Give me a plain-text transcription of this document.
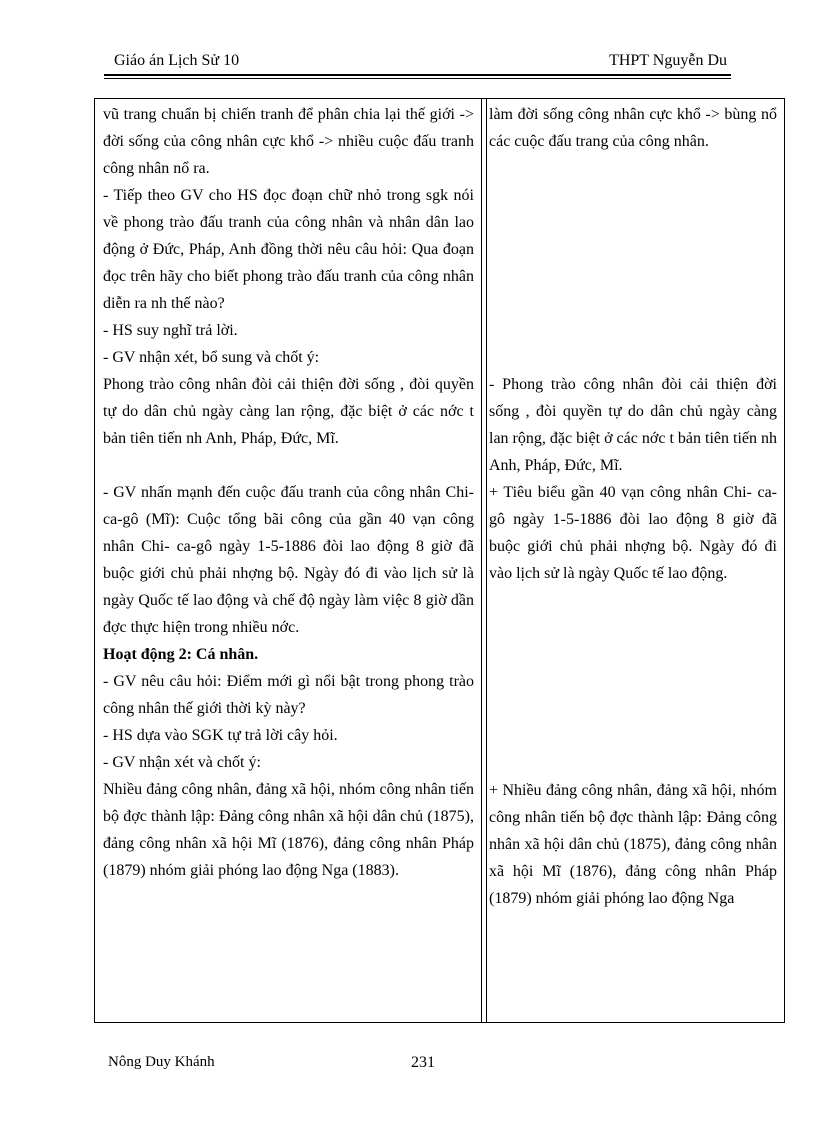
Giáo án Lịch Sử 10	THPT Nguyễn Du

vũ trang chuẩn bị chiến tranh để phân chia lại thế giới -> đời sống của công nhân cực khổ -> nhiều cuộc đấu tranh công nhân nổ ra.

- Tiếp theo GV cho HS đọc đoạn chữ nhỏ trong sgk nói về phong trào đấu tranh của công nhân và nhân dân lao động ở Đức, Pháp, Anh đồng thời nêu câu hỏi: Qua đoạn đọc trên hãy cho biết phong trào đấu tranh của công nhân diễn ra nh thế nào?

- HS suy nghĩ trả lời.

- GV nhận xét, bổ sung và chốt ý:

Phong trào công nhân đòi cải thiện đời sống , đòi quyền tự do dân chủ ngày càng lan rộng, đặc biệt ở các nớc t bản tiên tiến nh Anh, Pháp, Đức, Mĩ.

- GV nhấn mạnh đến cuộc đấu tranh của công nhân Chi-ca-gô (Mĩ): Cuộc tổng bãi công của gần 40 vạn công nhân Chi- ca-gô ngày 1-5-1886 đòi lao động 8 giờ đã buộc giới chủ phải nhợng bộ. Ngày đó đi vào lịch sử là ngày Quốc tế lao động và chế độ ngày làm việc 8 giờ dần đợc thực hiện trong nhiều nớc.

Hoạt động 2: Cá nhân.

- GV nêu câu hỏi: Điểm mới gì nổi bật trong phong trào công nhân thế giới thời kỳ này?

- HS dựa vào SGK tự trả lời cây hỏi.

- GV nhận xét và chốt ý:

Nhiều đảng công nhân, đảng xã hội, nhóm công nhân tiến bộ đợc thành lập: Đảng công nhân xã hội dân chủ (1875), đảng công nhân xã hội Mĩ (1876), đảng công nhân Pháp (1879) nhóm giải phóng lao động Nga (1883).

làm đời sống công nhân cực khổ -> bùng nổ các cuộc đấu trang của công nhân.

- Phong trào công nhân đòi cải thiện đời sống , đòi quyền tự do dân chủ ngày càng lan rộng, đặc biệt ở các nớc t bản tiên tiến nh Anh, Pháp, Đức, Mĩ.

+ Tiêu biểu gần 40 vạn công nhân Chi- ca-gô ngày 1-5-1886 đòi lao động 8 giờ đã buộc giới chủ phải nhợng bộ. Ngày đó đi vào lịch sử là ngày Quốc tế lao động.

+ Nhiều đảng công nhân, đảng xã hội, nhóm công nhân tiến bộ đợc thành lập: Đảng công nhân xã hội dân chủ (1875), đảng công nhân xã hội Mĩ (1876), đảng công nhân Pháp (1879) nhóm giải phóng lao động Nga

Nông Duy Khánh	231
